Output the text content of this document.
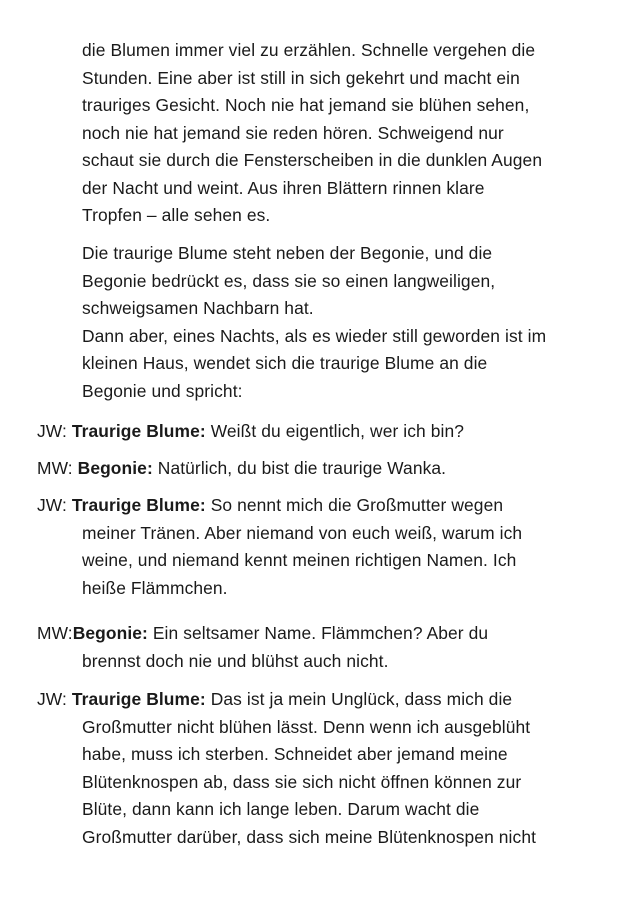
die Blumen immer viel zu erzählen. Schnelle vergehen die
Stunden. Eine aber ist still in sich gekehrt und macht ein
trauriges Gesicht. Noch nie hat jemand sie blühen sehen,
noch nie hat jemand sie reden hören. Schweigend nur
schaut sie durch die Fensterscheiben in die dunklen Augen
der Nacht und weint. Aus ihren Blättern rinnen klare
Tropfen – alle sehen es.
Die traurige Blume steht neben der Begonie, und die
Begonie bedrückt es, dass sie so einen langweiligen,
schweigsamen Nachbarn hat.
Dann aber, eines Nachts, als es wieder still geworden ist im
kleinen Haus, wendet sich die traurige Blume an die
Begonie und spricht:
JW: Traurige Blume: Weißt du eigentlich, wer ich bin?
MW: Begonie: Natürlich, du bist die traurige Wanka.
JW: Traurige Blume: So nennt mich die Großmutter wegen
meiner Tränen. Aber niemand von euch weiß, warum ich
weine, und niemand kennt meinen richtigen Namen. Ich
heiße Flämmchen.
MW:Begonie: Ein seltsamer Name. Flämmchen? Aber du
brennst doch nie und blühst auch nicht.
JW: Traurige Blume: Das ist ja mein Unglück, dass mich die
Großmutter nicht blühen lässt. Denn wenn ich ausgeblüht
habe, muss ich sterben. Schneidet aber jemand meine
Blütenknospen ab, dass sie sich nicht öffnen können zur
Blüte, dann kann ich lange leben. Darum wacht die
Großmutter darüber, dass sich meine Blütenknospen nicht
